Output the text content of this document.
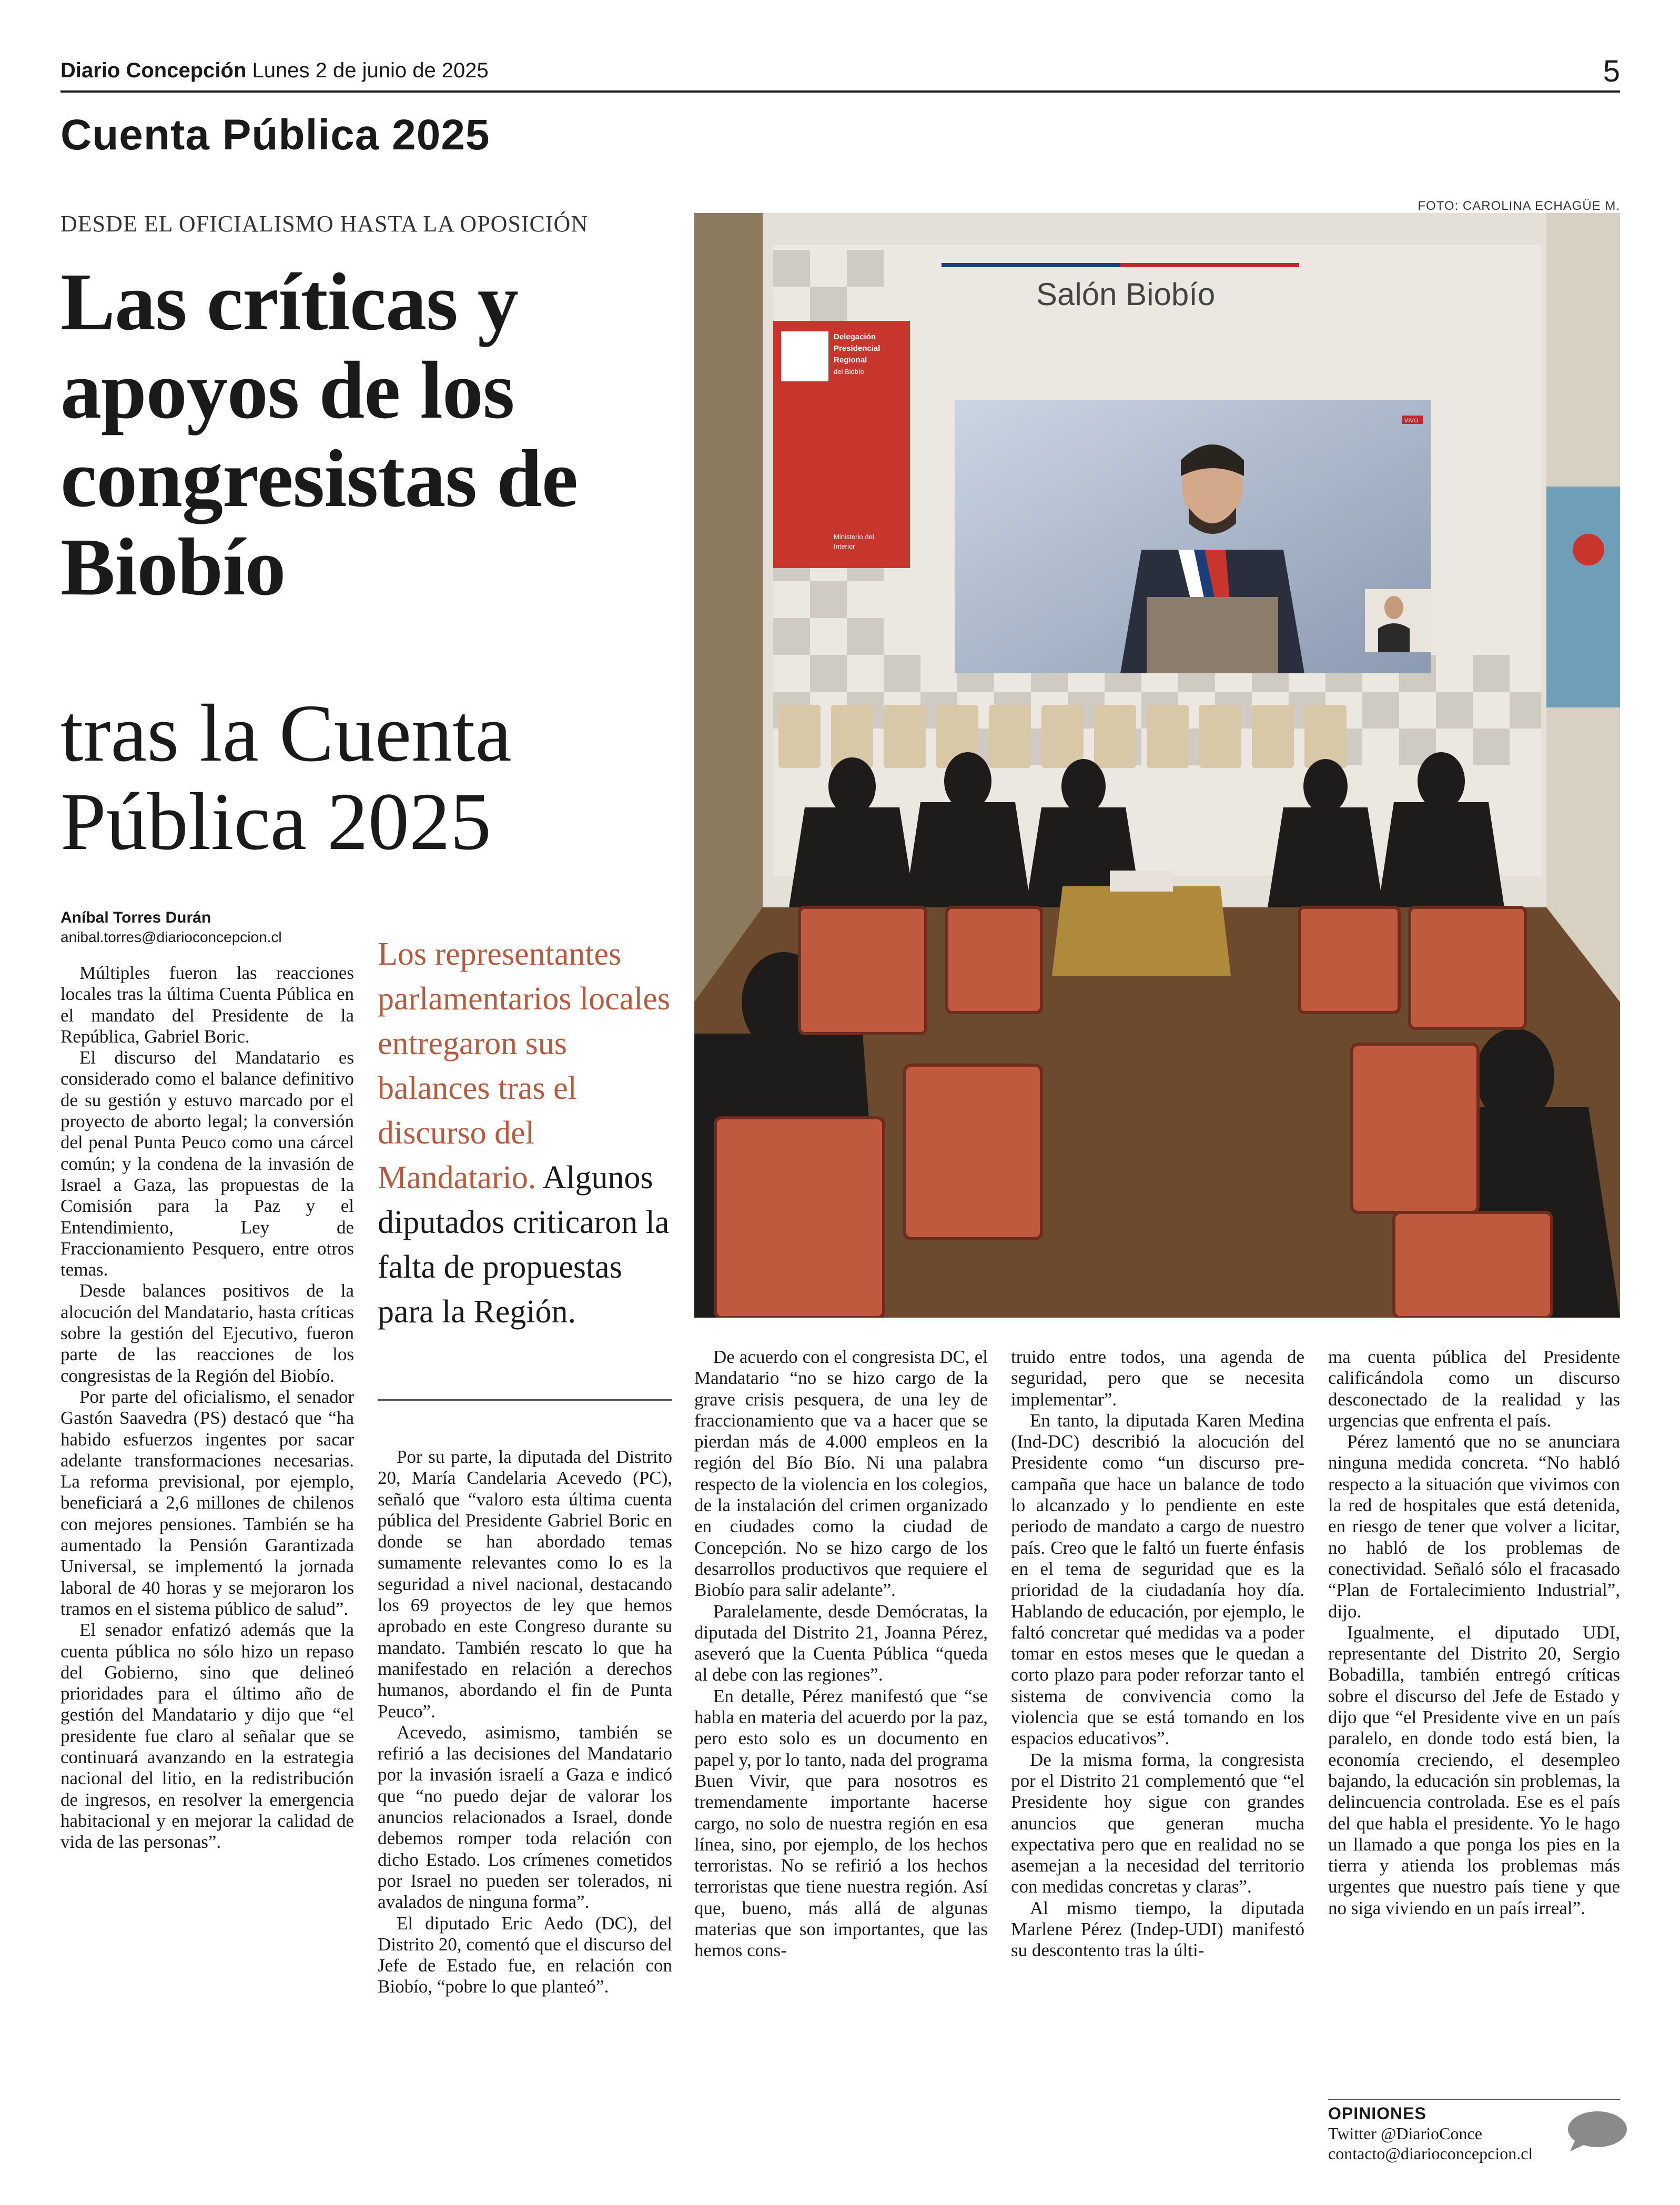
Diario Concepción Lunes 2 de junio de 2025	5
Cuenta Pública 2025
DESDE EL OFICIALISMO HASTA LA OPOSICIÓN
Las críticas y apoyos de los congresistas de Biobío
tras la Cuenta Pública 2025
Aníbal Torres Durán
anibal.torres@diarioconcepcion.cl
FOTO: CAROLINA ECHAGÜE M.
Salón Biobío
Delegación
Presidencial
Regional
del Biobío
Ministerio del
Interior
VIVO
Los representantes parlamentarios locales entregaron sus balances tras el discurso del Mandatario. Algunos diputados criticaron la falta de propuestas para la Región.

Múltiples fueron las reacciones locales tras la última Cuenta Pública en el mandato del Presidente de la República, Gabriel Boric.

El discurso del Mandatario es considerado como el balance definitivo de su gestión y estuvo marcado por el proyecto de aborto legal; la conversión del penal Punta Peuco como una cárcel común; y la condena de la invasión de Israel a Gaza, las propuestas de la Comisión para la Paz y el Entendimiento, Ley de Fraccionamiento Pesquero, entre otros temas.

Desde balances positivos de la alocución del Mandatario, hasta críticas sobre la gestión del Ejecutivo, fueron parte de las reacciones de los congresistas de la Región del Biobío.

Por parte del oficialismo, el senador Gastón Saavedra (PS) destacó que “ha habido esfuerzos ingentes por sacar adelante transformaciones necesarias. La reforma previsional, por ejemplo, beneficiará a 2,6 millones de chilenos con mejores pensiones. También se ha aumentado la Pensión Garantizada Universal, se implementó la jornada laboral de 40 horas y se mejoraron los tramos en el sistema público de salud”.

El senador enfatizó además que la cuenta pública no sólo hizo un repaso del Gobierno, sino que delineó prioridades para el último año de gestión del Mandatario y dijo que “el presidente fue claro al señalar que se continuará avanzando en la estrategia nacional del litio, en la redistribución de ingresos, en resolver la emergencia habitacional y en mejorar la calidad de vida de las personas”.

Por su parte, la diputada del Distrito 20, María Candelaria Acevedo (PC), señaló que “valoro esta última cuenta pública del Presidente Gabriel Boric en donde se han abordado temas sumamente relevantes como lo es la seguridad a nivel nacional, destacando los 69 proyectos de ley que hemos aprobado en este Congreso durante su mandato. También rescato lo que ha manifestado en relación a derechos humanos, abordando el fin de Punta Peuco”.

Acevedo, asimismo, también se refirió a las decisiones del Mandatario por la invasión israelí a Gaza e indicó que “no puedo dejar de valorar los anuncios relacionados a Israel, donde debemos romper toda relación con dicho Estado. Los crímenes cometidos por Israel no pueden ser tolerados, ni avalados de ninguna forma”.

El diputado Eric Aedo (DC), del Distrito 20, comentó que el discurso del Jefe de Estado fue, en relación con Biobío, “pobre lo que planteó”.

De acuerdo con el congresista DC, el Mandatario “no se hizo cargo de la grave crisis pesquera, de una ley de fraccionamiento que va a hacer que se pierdan más de 4.000 empleos en la región del Bío Bío. Ni una palabra respecto de la violencia en los colegios, de la instalación del crimen organizado en ciudades como la ciudad de Concepción. No se hizo cargo de los desarrollos productivos que requiere el Biobío para salir adelante”.

Paralelamente, desde Demócratas, la diputada del Distrito 21, Joanna Pérez, aseveró que la Cuenta Pública “queda al debe con las regiones”.

En detalle, Pérez manifestó que “se habla en materia del acuerdo por la paz, pero esto solo es un documento en papel y, por lo tanto, nada del programa Buen Vivir, que para nosotros es tremendamente importante hacerse cargo, no solo de nuestra región en esa línea, sino, por ejemplo, de los hechos terroristas. No se refirió a los hechos terroristas que tiene nuestra región. Así que, bueno, más allá de algunas materias que son importantes, que las hemos cons-

truido entre todos, una agenda de seguridad, pero que se necesita implementar”.

En tanto, la diputada Karen Medina (Ind-DC) describió la alocución del Presidente como “un discurso pre-campaña que hace un balance de todo lo alcanzado y lo pendiente en este periodo de mandato a cargo de nuestro país. Creo que le faltó un fuerte énfasis en el tema de seguridad que es la prioridad de la ciudadanía hoy día. Hablando de educación, por ejemplo, le faltó concretar qué medidas va a poder tomar en estos meses que le quedan a corto plazo para poder reforzar tanto el sistema de convivencia como la violencia que se está tomando en los espacios educativos”.

De la misma forma, la congresista por el Distrito 21 complementó que “el Presidente hoy sigue con grandes anuncios que generan mucha expectativa pero que en realidad no se asemejan a la necesidad del territorio con medidas concretas y claras”.

Al mismo tiempo, la diputada Marlene Pérez (Indep-UDI) manifestó su descontento tras la últi-

ma cuenta pública del Presidente calificándola como un discurso desconectado de la realidad y las urgencias que enfrenta el país.

Pérez lamentó que no se anunciara ninguna medida concreta. “No habló respecto a la situación que vivimos con la red de hospitales que está detenida, en riesgo de tener que volver a licitar, no habló de los problemas de conectividad. Señaló sólo el fracasado “Plan de Fortalecimiento Industrial”, dijo.

Igualmente, el diputado UDI, representante del Distrito 20, Sergio Bobadilla, también entregó críticas sobre el discurso del Jefe de Estado y dijo que “el Presidente vive en un país paralelo, en donde todo está bien, la economía creciendo, el desempleo bajando, la educación sin problemas, la delincuencia controlada. Ese es el país del que habla el presidente. Yo le hago un llamado a que ponga los pies en la tierra y atienda los problemas más urgentes que nuestro país tiene y que no siga viviendo en un país irreal”.

OPINIONES
Twitter @DiarioConce
contacto@diarioconcepcion.cl
